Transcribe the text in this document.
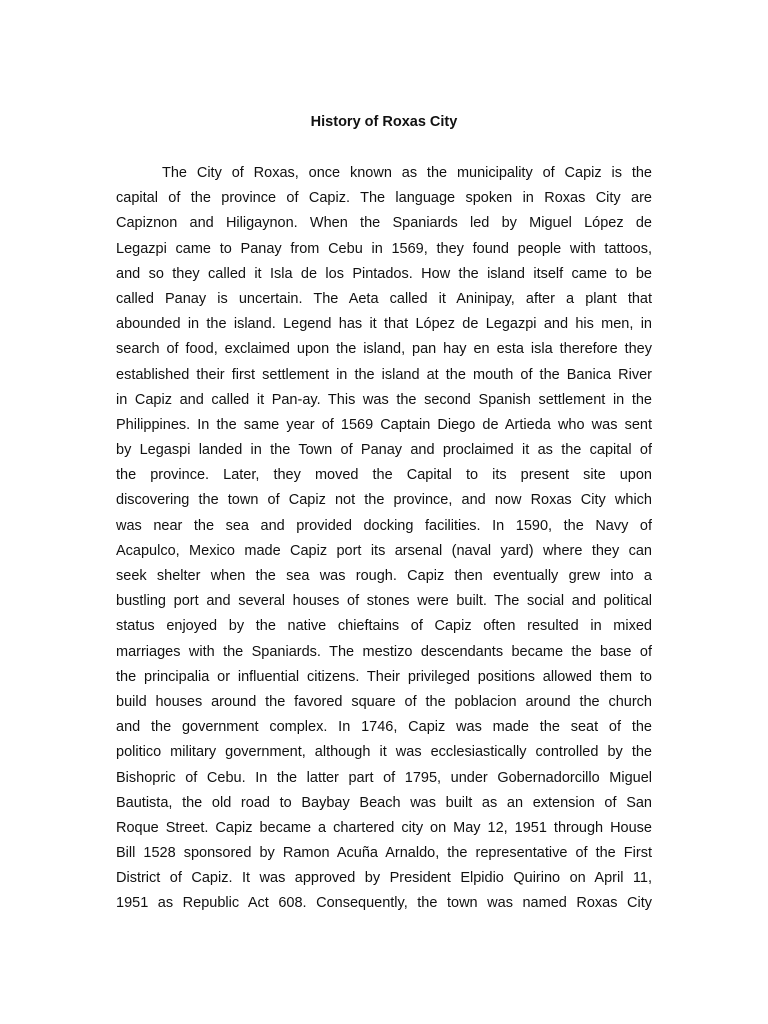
History of Roxas City
The City of Roxas, once known as the municipality of Capiz is the
capital of the province of Capiz. The language spoken in Roxas City are
Capiznon and Hiligaynon. When the Spaniards led by Miguel López de
Legazpi came to Panay from Cebu in 1569, they found people with tattoos,
and so they called it Isla de los Pintados. How the island itself came to be
called Panay is uncertain. The Aeta called it Aninipay, after a plant that
abounded in the island. Legend has it that López de Legazpi and his men, in
search of food, exclaimed upon the island, pan hay en esta isla therefore they
established their first settlement in the island at the mouth of the Banica River
in Capiz and called it Pan-ay. This was the second Spanish settlement in the
Philippines. In the same year of 1569 Captain Diego de Artieda who was sent
by Legaspi landed in the Town of Panay and proclaimed it as the capital of
the province. Later, they moved the Capital to its present site upon
discovering the town of Capiz not the province, and now Roxas City which
was near the sea and provided docking facilities. In 1590, the Navy of
Acapulco, Mexico made Capiz port its arsenal (naval yard) where they can
seek shelter when the sea was rough. Capiz then eventually grew into a
bustling port and several houses of stones were built. The social and political
status enjoyed by the native chieftains of Capiz often resulted in mixed
marriages with the Spaniards. The mestizo descendants became the base of
the principalia or influential citizens. Their privileged positions allowed them to
build houses around the favored square of the poblacion around the church
and the government complex. In 1746, Capiz was made the seat of the
politico military government, although it was ecclesiastically controlled by the
Bishopric of Cebu. In the latter part of 1795, under Gobernadorcillo Miguel
Bautista, the old road to Baybay Beach was built as an extension of San
Roque Street. Capiz became a chartered city on May 12, 1951 through House
Bill 1528 sponsored by Ramon Acuña Arnaldo, the representative of the First
District of Capiz. It was approved by President Elpidio Quirino on April 11,
1951 as Republic Act 608. Consequently, the town was named Roxas City
